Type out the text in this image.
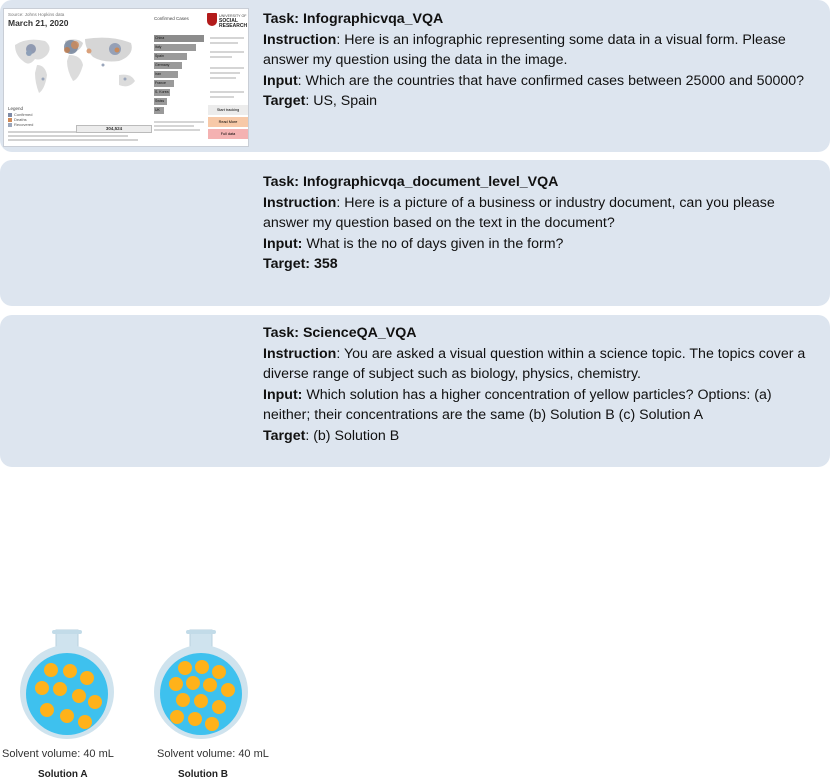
Source: Johns Hopkins data
March 21, 2020	Confirmed Cases	UNIVERSITY OF
SOCIAL RESEARCH
China
Italy
Spain
Germany
Iran
France
S. Korea
Swiss
UK
Legend
Confirmed
Deaths
Recovered
304,524
Start tracking
Read More
Full data
Task: Infographicvqa_VQA
Instruction: Here is an infographic representing some data in a visual form. Please answer my question using the data in the image.
Input: Which are the countries that have confirmed cases between 25000 and 50000?
Target: US, Spain
Task: Infographicvqa_document_level_VQA
Instruction: Here is a picture of a business or industry document, can you please answer my question based on the text in the document?
Input: What is the no of days given in the form?
Target: 358
Solvent volume: 40 mL	Solvent volume: 40 mL
Solution A	Solution B
Task: ScienceQA_VQA
Instruction: You are asked a visual question within a science topic. The topics cover a diverse range of subject such as biology, physics, chemistry.
Input: Which solution has a higher concentration of yellow particles? Options: (a) neither; their concentrations are the same (b) Solution B (c) Solution A
Target: (b) Solution B
